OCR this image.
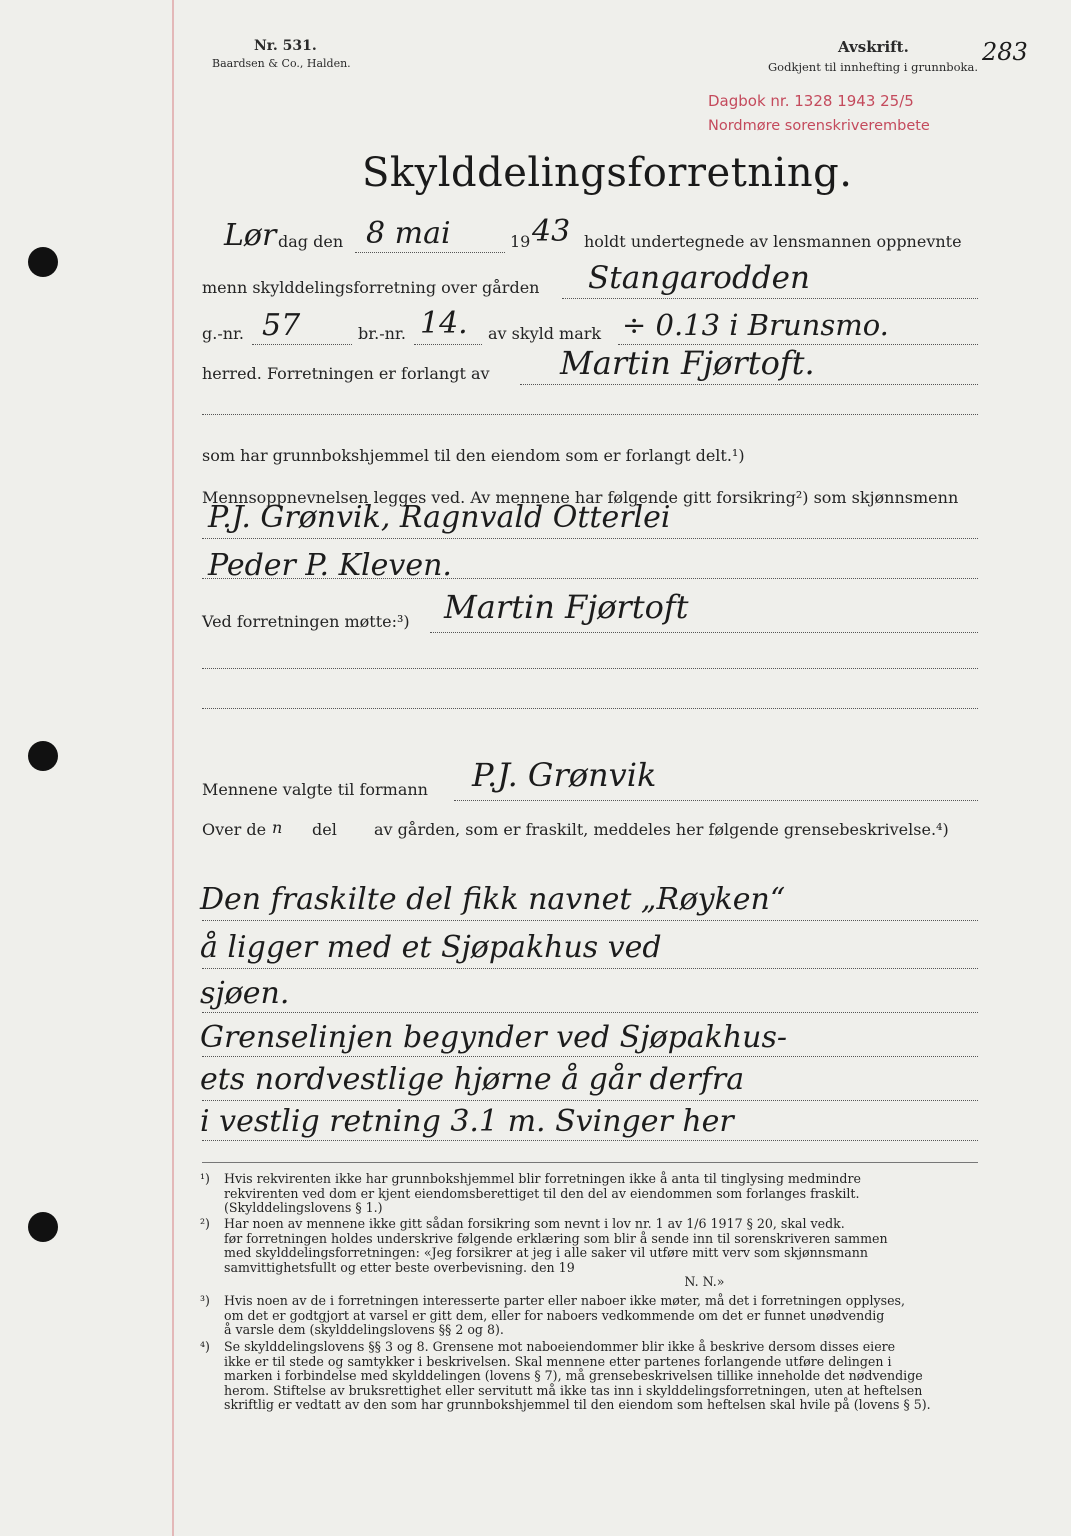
Nr. 531.
Baardsen & Co., Halden.
Avskrift.
Godkjent til innhefting i grunnboka.
283
Dagbok nr. 1328 1943 25/5
Nordmøre sorenskriverembete
Skylddelingsforretning.
Lør dag den 8 mai	19 43 holdt undertegnede av lensmannen oppnevnte
menn skylddelingsforretning over gården Stangarodden
g.-nr. 57	br.-nr. 14. av skyld mark ÷ 0.13 i Brunsmo.
herred. Forretningen er forlangt av Martin Fjørtoft.
som har grunnbokshjemmel til den eiendom som er forlangt delt.¹)
Mennsoppnevnelsen legges ved. Av mennene har følgende gitt forsikring²) som skjønnsmenn
P.J. Grønvik, Ragnvald Otterlei
Peder P. Kleven.
Ved forretningen møtte:³) Martin Fjørtoft
Mennene valgte til formann P.J. Grønvik
Over de n del av gården, som er fraskilt, meddeles her følgende grensebeskrivelse.⁴)
Den fraskilte del fikk navnet „Røyken“
å ligger med et Sjøpakhus ved
sjøen.
Grenselinjen begynder ved Sjøpakhus-
ets nordvestlige hjørne å går derfra
i vestlig retning 3.1 m. Svinger her
¹) Hvis rekvirenten ikke har grunnbokshjemmel blir forretningen ikke å anta til tinglysing medmindre

rekvirenten ved dom er kjent eiendomsberettiget til den del av eiendommen som forlanges fraskilt.

(Skylddelingslovens § 1.)

²) Har noen av mennene ikke gitt sådan forsikring som nevnt i lov nr. 1 av 1/6 1917 § 20, skal vedk.

før forretningen holdes underskrive følgende erklæring som blir å sende inn til sorenskriveren sammen

med skylddelingsforretningen: «Jeg forsikrer at jeg i alle saker vil utføre mitt verv som skjønnsmann

samvittighetsfullt og etter beste overbevisning. den 19

N. N.»

³) Hvis noen av de i forretningen interesserte parter eller naboer ikke møter, må det i forretningen opplyses,

om det er godtgjort at varsel er gitt dem, eller for naboers vedkommende om det er funnet unødvendig

å varsle dem (skylddelingslovens §§ 2 og 8).

⁴) Se skylddelingslovens §§ 3 og 8. Grensene mot naboeiendommer blir ikke å beskrive dersom disses eiere

ikke er til stede og samtykker i beskrivelsen. Skal mennene etter partenes forlangende utføre delingen i

marken i forbindelse med skylddelingen (lovens § 7), må grensebeskrivelsen tillike inneholde det nødvendige

herom. Stiftelse av bruksrettighet eller servitutt må ikke tas inn i skylddelingsforretningen, uten at heftelsen

skriftlig er vedtatt av den som har grunnbokshjemmel til den eiendom som heftelsen skal hvile på (lovens § 5).
